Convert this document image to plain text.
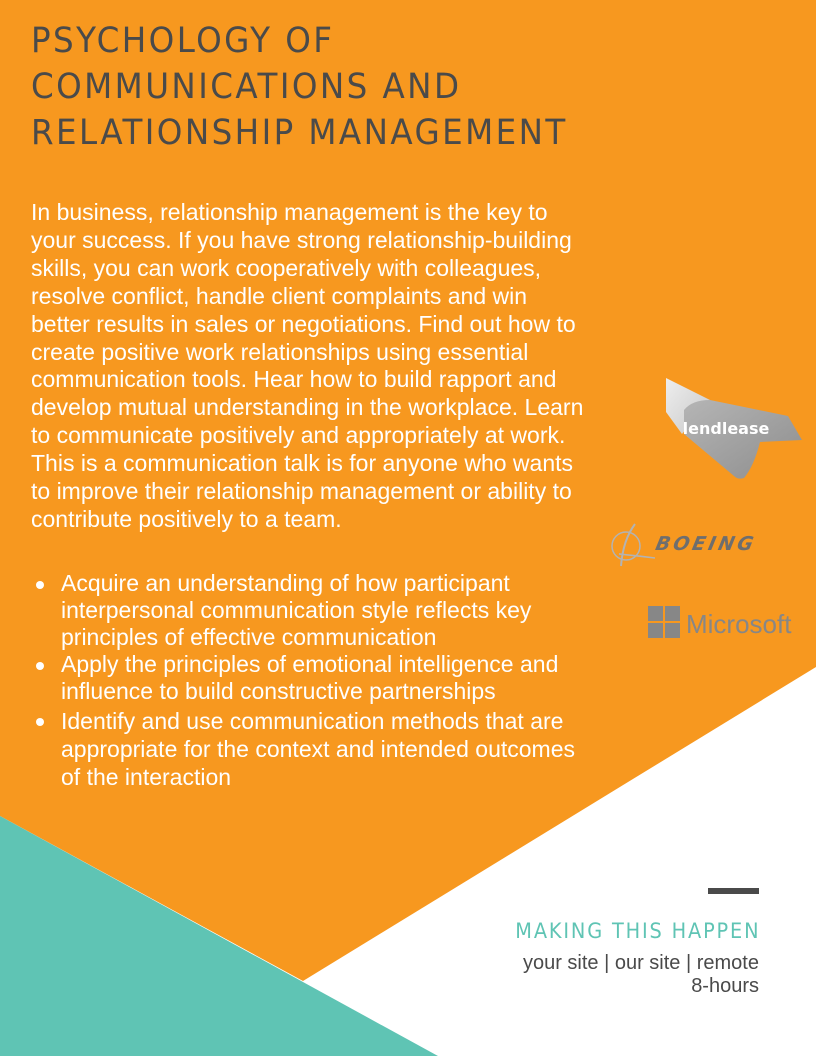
PSYCHOLOGY OF
COMMUNICATIONS AND
RELATIONSHIP MANAGEMENT

In business, relationship management is the key to
your success. If you have strong relationship-building
skills, you can work cooperatively with colleagues,
resolve conflict, handle client complaints and win
better results in sales or negotiations. Find out how to
create positive work relationships using essential
communication tools. Hear how to build rapport and
develop mutual understanding in the workplace. Learn
to communicate positively and appropriately at work.
This is a communication talk is for anyone who wants
to improve their relationship management or ability to
contribute positively to a team.

Acquire an understanding of how participant
interpersonal communication style reflects key
principles of effective communication
Apply the principles of emotional intelligence and
influence to build constructive partnerships
Identify and use communication methods that are
appropriate for the context and intended outcomes
of the interaction
lendlease
BOEING
Microsoft
MAKING THIS HAPPEN

your site | our site | remote

8-hours
